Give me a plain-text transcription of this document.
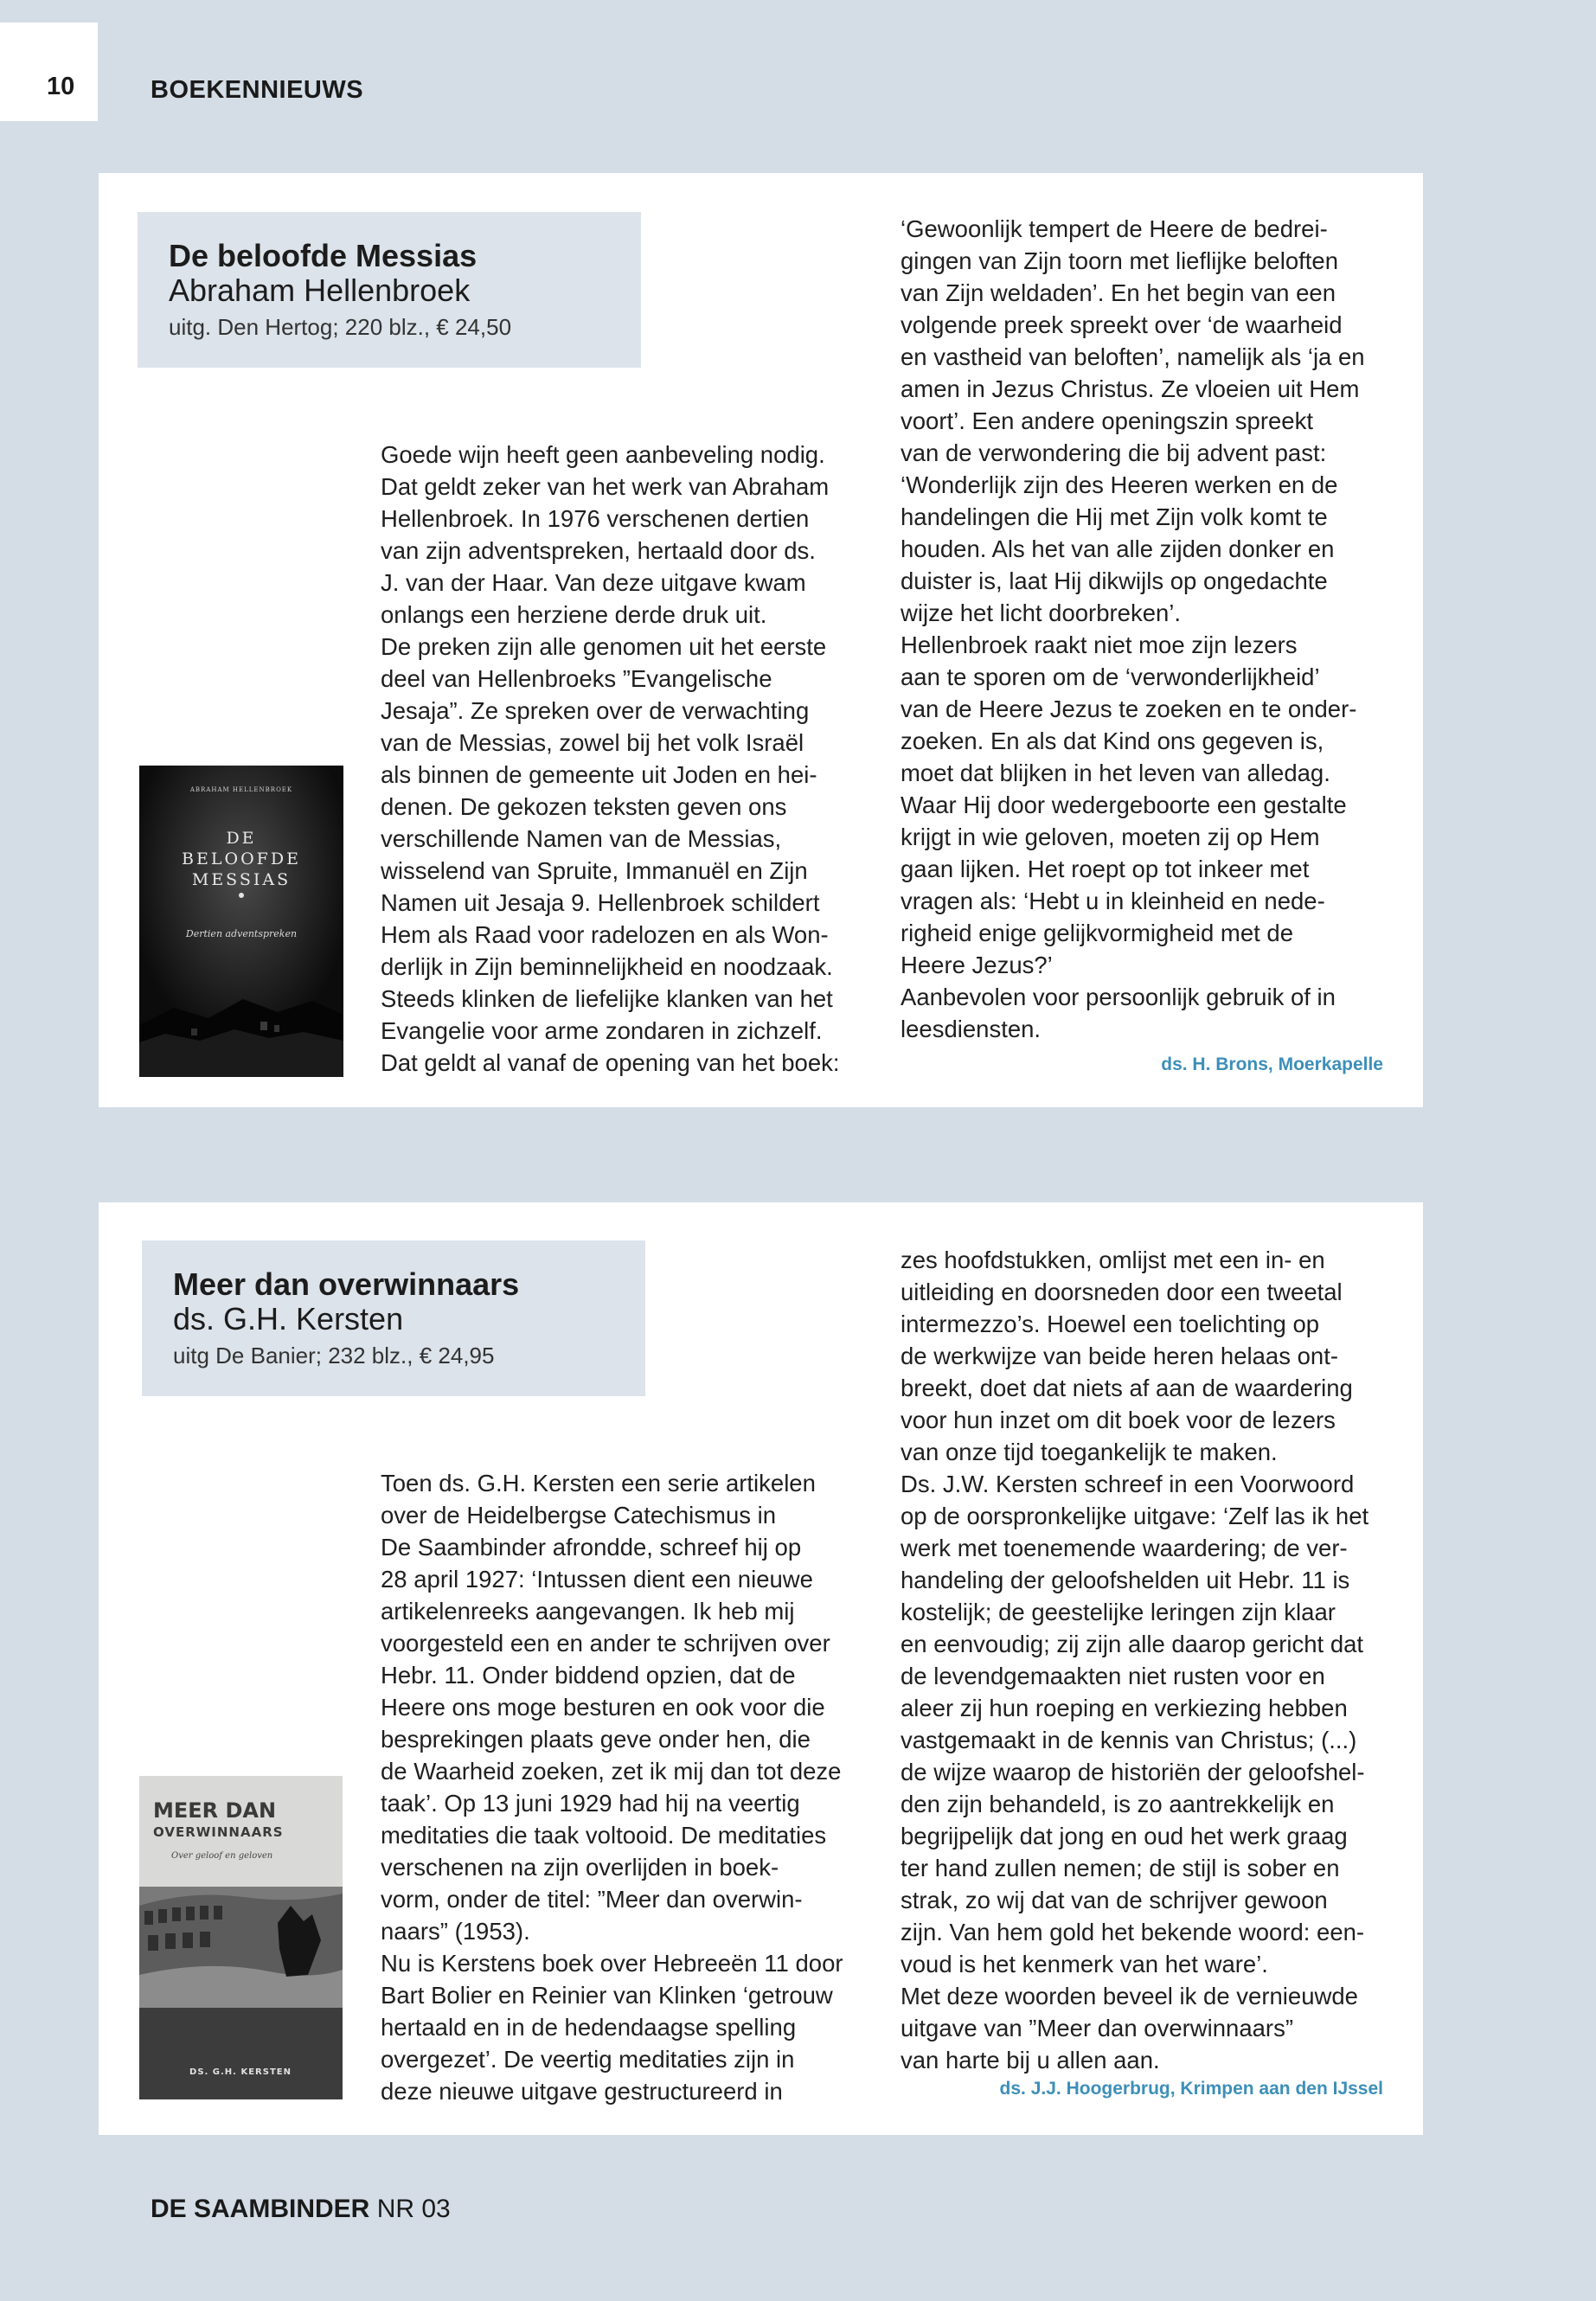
10	BOEKENNIEUWS
De beloofde Messias
Abraham Hellenbroek
uitg. Den Hertog; 220 blz., € 24,50
ABRAHAM HELLENBROEK
DE
BELOOFDE
MESSIAS
Dertien adventspreken
Goede wijn heeft geen aanbeveling nodig.
Dat geldt zeker van het werk van Abraham
Hellenbroek. In 1976 verschenen dertien
van zijn adventspreken, hertaald door ds.
J. van der Haar. Van deze uitgave kwam
onlangs een herziene derde druk uit.
De preken zijn alle genomen uit het eerste
deel van Hellenbroeks ”Evangelische
Jesaja”. Ze spreken over de verwachting
van de Messias, zowel bij het volk Israël
als binnen de gemeente uit Joden en hei-
denen. De gekozen teksten geven ons
verschillende Namen van de Messias,
wisselend van Spruite, Immanuël en Zijn
Namen uit Jesaja 9. Hellenbroek schildert
Hem als Raad voor radelozen en als Won-
derlijk in Zijn beminnelijkheid en noodzaak.
Steeds klinken de liefelijke klanken van het
Evangelie voor arme zondaren in zichzelf.
Dat geldt al vanaf de opening van het boek:
‘Gewoonlijk tempert de Heere de bedrei-
gingen van Zijn toorn met lieflijke beloften
van Zijn weldaden’. En het begin van een
volgende preek spreekt over ‘de waarheid
en vastheid van beloften’, namelijk als ‘ja en
amen in Jezus Christus. Ze vloeien uit Hem
voort’. Een andere openingszin spreekt
van de verwondering die bij advent past:
‘Wonderlijk zijn des Heeren werken en de
handelingen die Hij met Zijn volk komt te
houden. Als het van alle zijden donker en
duister is, laat Hij dikwijls op ongedachte
wijze het licht doorbreken’.
Hellenbroek raakt niet moe zijn lezers
aan te sporen om de ‘verwonderlijkheid’
van de Heere Jezus te zoeken en te onder-
zoeken. En als dat Kind ons gegeven is,
moet dat blijken in het leven van alledag.
Waar Hij door wedergeboorte een gestalte
krijgt in wie geloven, moeten zij op Hem
gaan lijken. Het roept op tot inkeer met
vragen als: ‘Hebt u in kleinheid en nede-
righeid enige gelijkvormigheid met de
Heere Jezus?’
Aanbevolen voor persoonlijk gebruik of in
leesdiensten.
ds. H. Brons, Moerkapelle
Meer dan overwinnaars
ds. G.H. Kersten
uitg De Banier; 232 blz., € 24,95
MEER DAN
OVERWINNAARS
Over geloof en geloven
DS. G.H. KERSTEN
Toen ds. G.H. Kersten een serie artikelen
over de Heidelbergse Catechismus in
De Saambinder afrondde, schreef hij op
28 april 1927: ‘Intussen dient een nieuwe
artikelenreeks aangevangen. Ik heb mij
voorgesteld een en ander te schrijven over
Hebr. 11. Onder biddend opzien, dat de
Heere ons moge besturen en ook voor die
besprekingen plaats geve onder hen, die
de Waarheid zoeken, zet ik mij dan tot deze
taak’. Op 13 juni 1929 had hij na veertig
meditaties die taak voltooid. De meditaties
verschenen na zijn overlijden in boek-
vorm, onder de titel: ”Meer dan overwin-
naars” (1953).
Nu is Kerstens boek over Hebreeën 11 door
Bart Bolier en Reinier van Klinken ‘getrouw
hertaald en in de hedendaagse spelling
overgezet’. De veertig meditaties zijn in
deze nieuwe uitgave gestructureerd in
zes hoofdstukken, omlijst met een in- en
uitleiding en doorsneden door een tweetal
intermezzo’s. Hoewel een toelichting op
de werkwijze van beide heren helaas ont-
breekt, doet dat niets af aan de waardering
voor hun inzet om dit boek voor de lezers
van onze tijd toegankelijk te maken.
Ds. J.W. Kersten schreef in een Voorwoord
op de oorspronkelijke uitgave: ‘Zelf las ik het
werk met toenemende waardering; de ver-
handeling der geloofshelden uit Hebr. 11 is
kostelijk; de geestelijke leringen zijn klaar
en eenvoudig; zij zijn alle daarop gericht dat
de levendgemaakten niet rusten voor en
aleer zij hun roeping en verkiezing hebben
vastgemaakt in de kennis van Christus; (...)
de wijze waarop de historiën der geloofshel-
den zijn behandeld, is zo aantrekkelijk en
begrijpelijk dat jong en oud het werk graag
ter hand zullen nemen; de stijl is sober en
strak, zo wij dat van de schrijver gewoon
zijn. Van hem gold het bekende woord: een-
voud is het kenmerk van het ware’.
Met deze woorden beveel ik de vernieuwde
uitgave van ”Meer dan overwinnaars”
van harte bij u allen aan.
ds. J.J. Hoogerbrug, Krimpen aan den IJssel
DE SAAMBINDER NR 03
